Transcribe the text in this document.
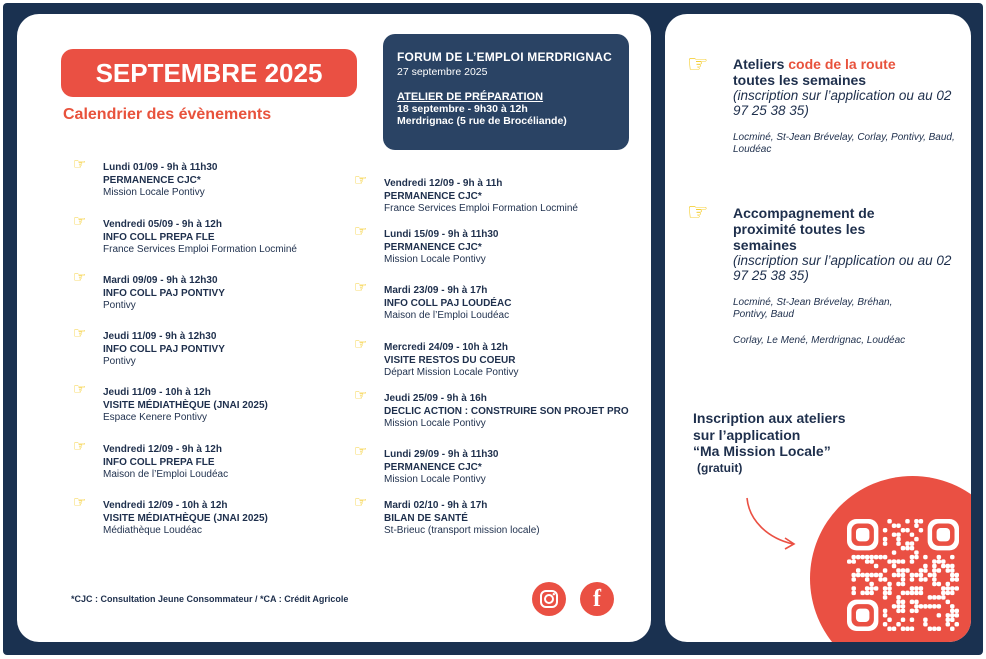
SEPTEMBRE 2025
Calendrier des évènements
FORUM DE L’EMPLOI MERDRIGNAC
27 septembre 2025
ATELIER DE PRÉPARATION
18 septembre - 9h30 à 12h
Merdrignac (5 rue de Brocéliande)
☞ Lundi 01/09 - 9h à 11h30
PERMANENCE CJC*
Mission Locale Pontivy
☞ Vendredi 05/09 - 9h à 12h
INFO COLL PREPA FLE
France Services Emploi Formation Locminé
☞ Mardi 09/09 - 9h à 12h30
INFO COLL PAJ PONTIVY
Pontivy
☞ Jeudi 11/09 - 9h à 12h30
INFO COLL PAJ PONTIVY
Pontivy
☞ Jeudi 11/09 - 10h à 12h
VISITE MÉDIATHÈQUE (JNAI 2025)
Espace Kenere Pontivy
☞ Vendredi 12/09 - 9h à 12h
INFO COLL PREPA FLE
Maison de l’Emploi Loudéac
☞ Vendredi 12/09 - 10h à 12h
VISITE MÉDIATHÈQUE (JNAI 2025)
Médiathèque Loudéac
☞ Vendredi 12/09 - 9h à 11h
PERMANENCE CJC*
France Services Emploi Formation Locminé
☞ Lundi 15/09 - 9h à 11h30
PERMANENCE CJC*
Mission Locale Pontivy
☞ Mardi 23/09 - 9h à 17h
INFO COLL PAJ LOUDÉAC
Maison de l’Emploi Loudéac
☞ Mercredi 24/09 - 10h à 12h
VISITE RESTOS DU COEUR
Départ Mission Locale Pontivy
☞ Jeudi 25/09 - 9h à 16h
DECLIC ACTION : CONSTRUIRE SON PROJET PRO
Mission Locale Pontivy
☞ Lundi 29/09 - 9h à 11h30
PERMANENCE CJC*
Mission Locale Pontivy
☞ Mardi 02/10 - 9h à 17h
BILAN DE SANTÉ
St-Brieuc (transport mission locale)
*CJC : Consultation Jeune Consommateur / *CA : Crédit Agricole	f
☞ Ateliers code de la route
toutes les semaines
(inscription sur l’application ou au 02 97 25 38 35)
Locminé, St-Jean Brévelay, Corlay, Pontivy, Baud, Loudéac
☞ Accompagnement de proximité toutes les semaines
(inscription sur l’application ou au 02 97 25 38 35)
Locminé, St-Jean Brévelay, Bréhan, Pontivy, Baud
Corlay, Le Mené, Merdrignac, Loudéac
Inscription aux ateliers
sur l’application
“Ma Mission Locale”
(gratuit)
